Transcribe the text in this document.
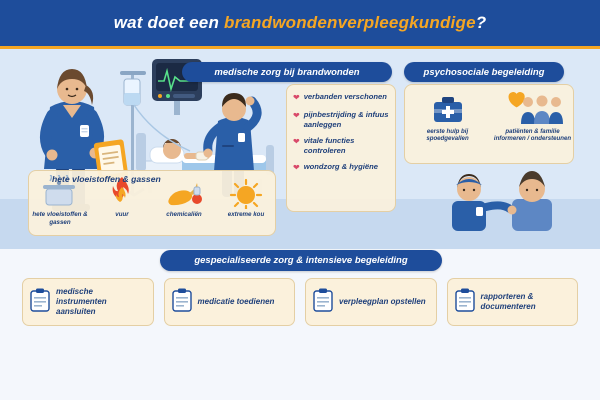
wat doet een brandwondenverpleegkundige?
medische zorg bij brandwonden	psychosociale begeleiding
gespecialiseerde zorg & intensieve begeleiding
❤ verbanden verschonen
❤ pijnbestrijding & infuus aanleggen
❤ vitale functies controleren
❤ wondzorg & hygiëne
eerste hulp bij spoedgevallen
patiënten & familie informeren / ondersteunen
hete vloeistoffen & gassen
vuur	chemicaliën	extreme kou
hete vloeistoffen & gassen
medische instrumenten aansluiten
medicatie toedienen	verpleegplan opstellen
rapporteren & documenteren
